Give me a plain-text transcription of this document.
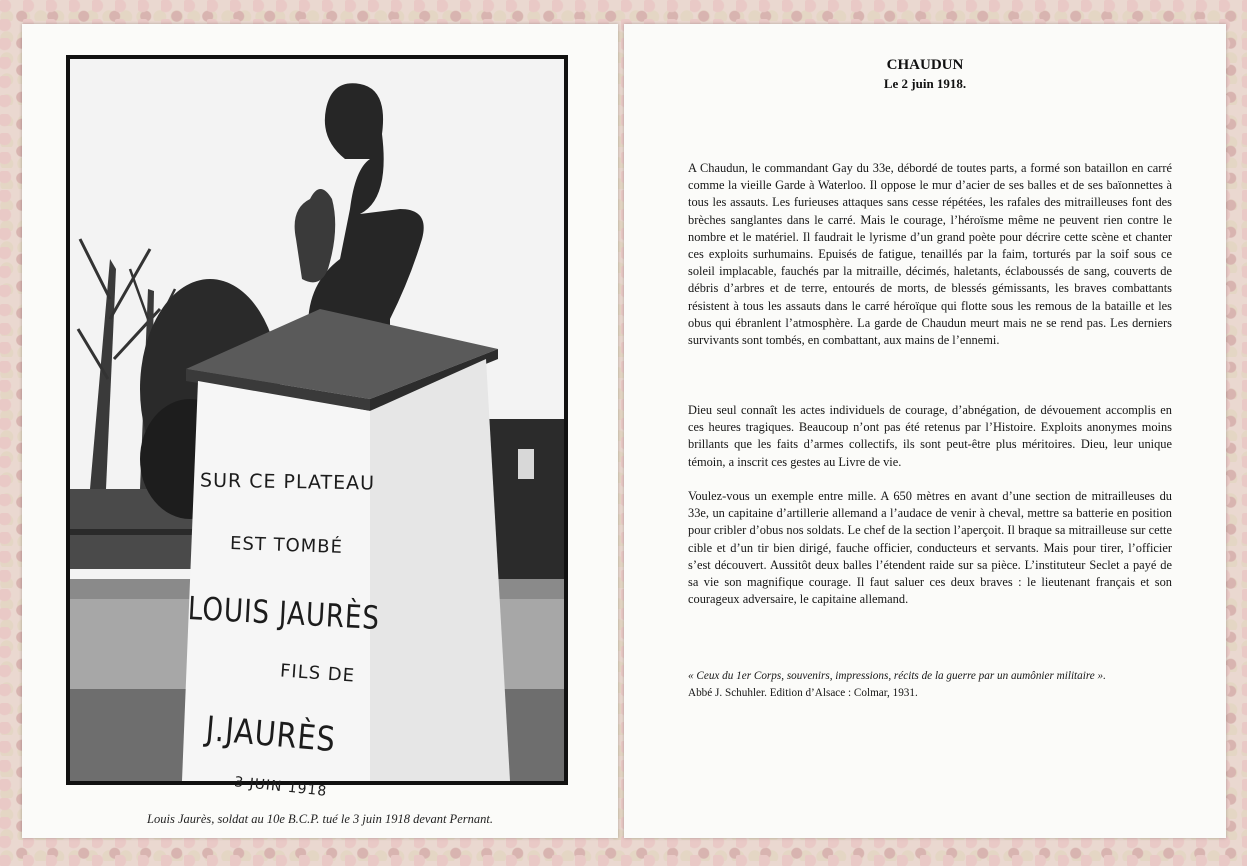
SUR CE PLATEAU
EST TOMBÉ
LOUIS JAURÈS
FILS DE
J.JAURÈS
3 JUIN 1918
Louis Jaurès, soldat au 10e B.C.P. tué le 3 juin 1918 devant Pernant.
CHAUDUN
Le 2 juin 1918.
A Chaudun, le commandant Gay du 33e, débordé de toutes parts, a formé son bataillon en carré comme la vieille Garde à Waterloo. Il oppose le mur d’acier de ses balles et de ses baïonnettes à tous les assauts. Les furieuses attaques sans cesse répétées, les rafales des mitrailleuses font des brèches sanglantes dans le carré. Mais le courage, l’héroïsme même ne peuvent rien contre le nombre et le matériel. Il faudrait le lyrisme d’un grand poète pour décrire cette scène et chanter ces exploits surhumains. Epuisés de fatigue, tenaillés par la faim, torturés par la soif sous ce soleil implacable, fauchés par la mitraille, décimés, haletants, éclaboussés de sang, couverts de débris d’arbres et de terre, entourés de morts, de blessés gémissants, les braves combattants résistent à tous les assauts dans le carré héroïque qui flotte sous les remous de la bataille et les obus qui ébranlent l’atmosphère. La garde de Chaudun meurt mais ne se rend pas. Les derniers survivants sont tombés, en combattant, aux mains de l’ennemi.
Dieu seul connaît les actes individuels de courage, d’abnégation, de dévouement accomplis en ces heures tragiques. Beaucoup n’ont pas été retenus par l’Histoire. Exploits anonymes moins brillants que les faits d’armes collectifs, ils sont peut-être plus méritoires. Dieu, leur unique témoin, a inscrit ces gestes au Livre de vie.
Voulez-vous un exemple entre mille. A 650 mètres en avant d’une section de mitrailleuses du 33e, un capitaine d’artillerie allemand a l’audace de venir à cheval, mettre sa batterie en position pour cribler d’obus nos soldats. Le chef de la section l’aperçoit. Il braque sa mitrailleuse sur cette cible et d’un tir bien dirigé, fauche officier, conducteurs et servants. Mais pour tirer, l’officier s’est découvert. Aussitôt deux balles l’étendent raide sur sa pièce. L’instituteur Seclet a payé de sa vie son magnifique courage. Il faut saluer ces deux braves : le lieutenant français et son courageux adversaire, le capitaine allemand.
« Ceux du 1er Corps, souvenirs, impressions, récits de la guerre par un aumônier militaire ».
Abbé J. Schuhler. Edition d’Alsace : Colmar, 1931.
